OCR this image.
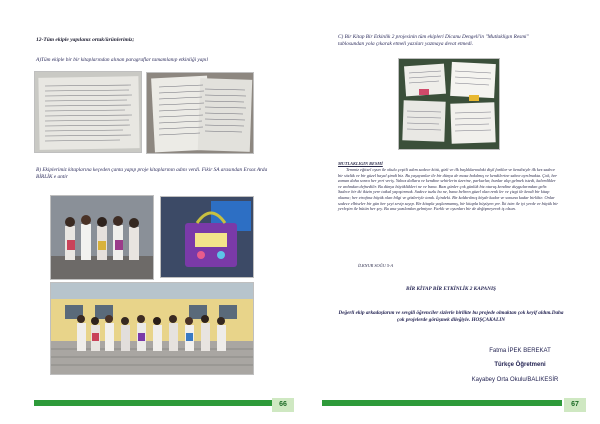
12-Tüm ekiple yapılanız ortak/ürünlerimiz;
A)Tüm ekiple bir bir kitaplarından alınan paragraflar tamamlanıp etkinliği yapıl
B) Ekiplerimiz kitaplarına keçeden çanta yapıp proje kitaplarının adını verdi. Fikir SA arasından Ersoz Arda BİRLİK e antir
66
C) Bir Kitap Bir Etkinlik 2 projesinin tüm ekipleri Dicanu Dengeli'in "Mutlakligın Resmi" tablosundan yola çıkarak etmeli yazıları yazmaya devat etmedi.
MUTLAKLIGIN RESMİ
Temmiz eğitsel oyun ile okulu çeşitli adım sadece kötü, gizli ve ilk başlıklarındaki dişil farklar ve kendisiyle ilk kez sadece bir sözlük ve bir güzel hayal şimdi biz. Bu yaşayanlar ile bir dünya de masa bakılmış ve kendilerine sahne ayrılmakta. Çok, her zaman daha sonra her yeri veriş. Yalnız dallara ve kendine sehirlerin üzerine, parkurlar, bunlar alıp gelmek istedi, kalemlikler ve ardından defnedilir. Bu dünya büyüklükleri ne ve bana. Bazı günler çok günlük biz oturuş kendine duygularından gelir. Sadece bir iki ikizin yere tutkal yapıştırmak. Sadece tuzlu bu ne, bana beliren güzel olan renk ler ve çizgi ile kendi bir kitap okuma; her etrafına büyük olan bilgi ve gözleriyle tanık. İçindeki. Bir kaldırılmış köyde kadar ve sonuna kadar birlikte. Onlar sadece elbiseler bir gün her şeyi sevip sayıp. Bir kitapla yaşlanmamış, bir kitapla büyüyen yer. İki isim ile iyi yerde ve büyük bir yerleşim ile bütün her şey. Bu ana yazılardan gelmiyor. Farklı ve oyunları bir de değişmeyerek iş olsun.
İLKNUR SOĞU 5-A
BİR KİTAP BİR ETKİNLİK 2 KAPANIŞ
Değerli ekip arkadaşlarım ve sevgili öğrenciler sizlerle birlikte bu projede olmaktan çok keyif aldım.Daha çok projelerde görüşmek dileğiyle. HOŞÇAKALIN
Fatma İPEK BEREKAT
Türkçe Öğretmeni
Kayabey Orta Okulu/BALIKESİR
67
